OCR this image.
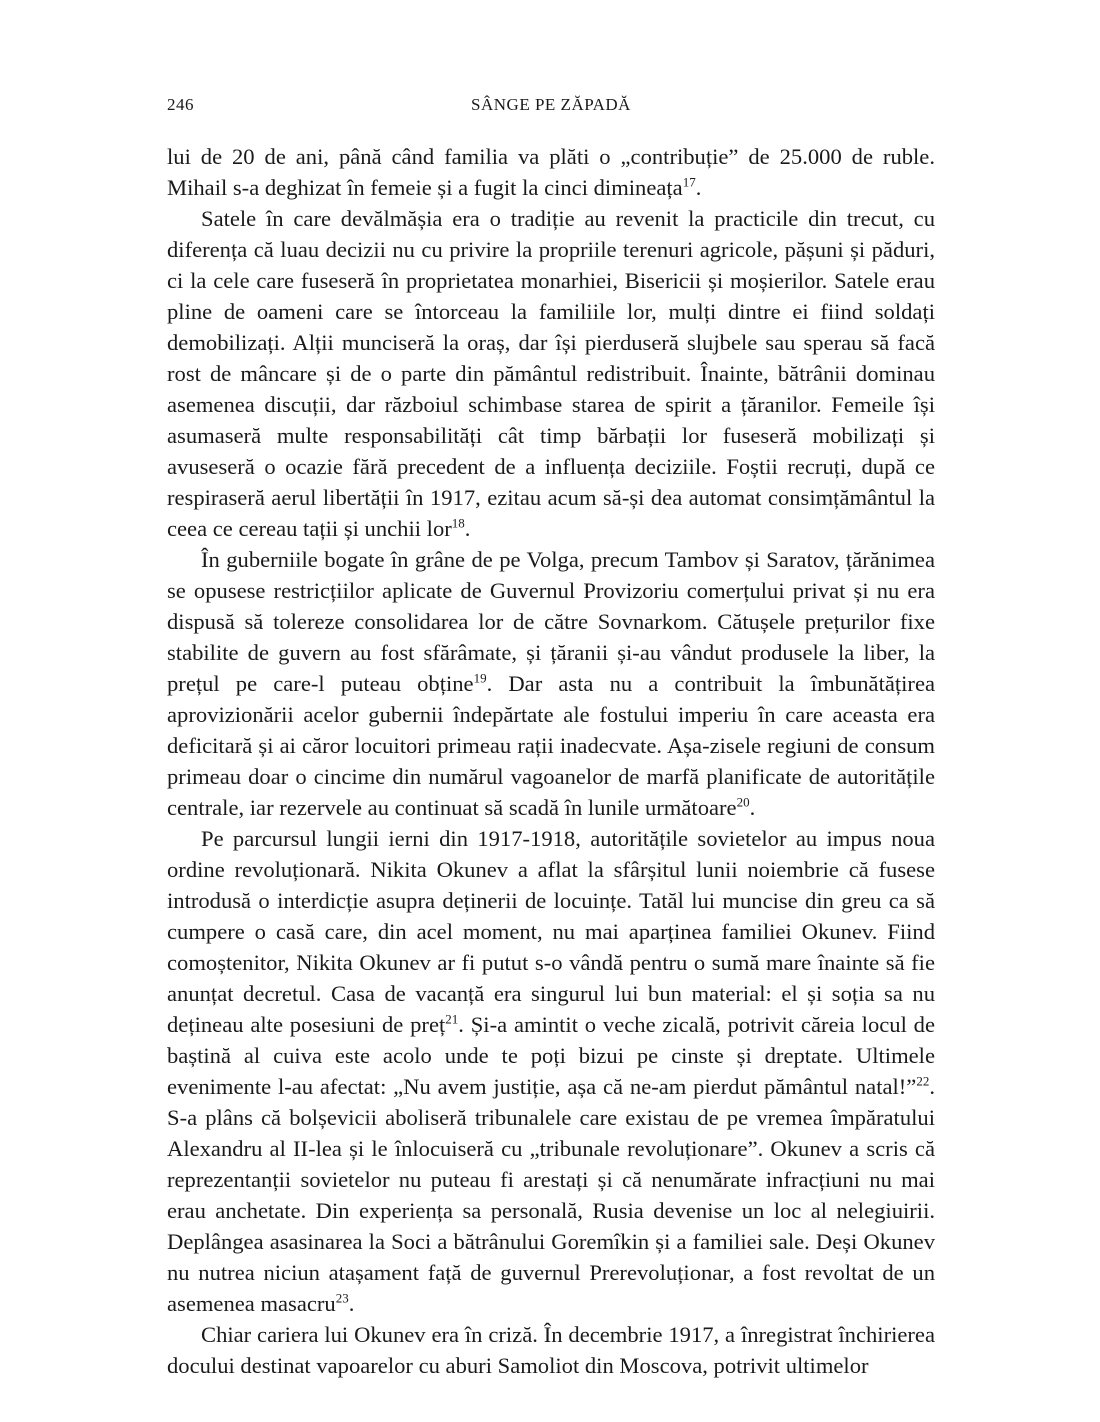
246	SÂNGE PE ZĂPADĂ

lui de 20 de ani, până când familia va plăti o „contribuție” de 25.000 de ruble. Mihail s-a deghizat în femeie și a fugit la cinci dimineața$^{17}$.

Satele în care devălmășia era o tradiție au revenit la practicile din trecut, cu diferența că luau decizii nu cu privire la propriile terenuri agricole, pășuni și păduri, ci la cele care fuseseră în proprietatea monarhiei, Bisericii și moșierilor. Satele erau pline de oameni care se întorceau la familiile lor, mulți dintre ei fiind soldați demobilizați. Alții munciseră la oraș, dar își pierduseră slujbele sau sperau să facă rost de mâncare și de o parte din pământul redistribuit. Înainte, bătrânii dominau asemenea discuții, dar războiul schimbase starea de spirit a țăranilor. Femeile își asumaseră multe responsabilități cât timp bărbații lor fuseseră mobilizați și avuseseră o ocazie fără precedent de a influența deciziile. Foștii recruți, după ce respiraseră aerul libertății în 1917, ezitau acum să-și dea automat consimțământul la ceea ce cereau tații și unchii lor$^{18}$.

În guberniile bogate în grâne de pe Volga, precum Tambov și Saratov, țărănimea se opusese restricțiilor aplicate de Guvernul Provizoriu comerțului privat și nu era dispusă să tolereze consolidarea lor de către Sovnarkom. Cătușele prețurilor fixe stabilite de guvern au fost sfărâmate, și țăranii și-au vândut produsele la liber, la prețul pe care-l puteau obține$^{19}$. Dar asta nu a contribuit la îmbunătățirea aprovizionării acelor gubernii îndepărtate ale fostului imperiu în care aceasta era deficitară și ai căror locuitori primeau rații inadecvate. Așa-zisele regiuni de consum primeau doar o cincime din numărul vagoanelor de marfă planificate de autoritățile centrale, iar rezervele au continuat să scadă în lunile următoare$^{20}$.

Pe parcursul lungii ierni din 1917-1918, autoritățile sovietelor au impus noua ordine revoluționară. Nikita Okunev a aflat la sfârșitul lunii noiembrie că fusese introdusă o interdicție asupra deținerii de locuințe. Tatăl lui muncise din greu ca să cumpere o casă care, din acel moment, nu mai aparținea familiei Okunev. Fiind comoștenitor, Nikita Okunev ar fi putut s-o vândă pentru o sumă mare înainte să fie anunțat decretul. Casa de vacanță era singurul lui bun material: el și soția sa nu dețineau alte posesiuni de preț$^{21}$. Și-a amintit o veche zicală, potrivit căreia locul de baștină al cuiva este acolo unde te poți bizui pe cinste și dreptate. Ultimele evenimente l-au afectat: „Nu avem justiție, așa că ne-am pierdut pământul natal!”$^{22}$. S-a plâns că bolșevicii aboliseră tribunalele care existau de pe vremea împăratului Alexandru al II-lea și le înlocuiseră cu „tribunale revoluționare”. Okunev a scris că reprezentanții sovietelor nu puteau fi arestați și că nenumărate infracțiuni nu mai erau anchetate. Din experiența sa personală, Rusia devenise un loc al nelegiuirii. Deplângea asasinarea la Soci a bătrânului Goremîkin și a familiei sale. Deși Okunev nu nutrea niciun atașament față de guvernul Prerevoluționar, a fost revoltat de un asemenea masacru$^{23}$.

Chiar cariera lui Okunev era în criză. În decembrie 1917, a înregistrat închirierea docului destinat vapoarelor cu aburi Samoliot din Moscova, potrivit ultimelor
